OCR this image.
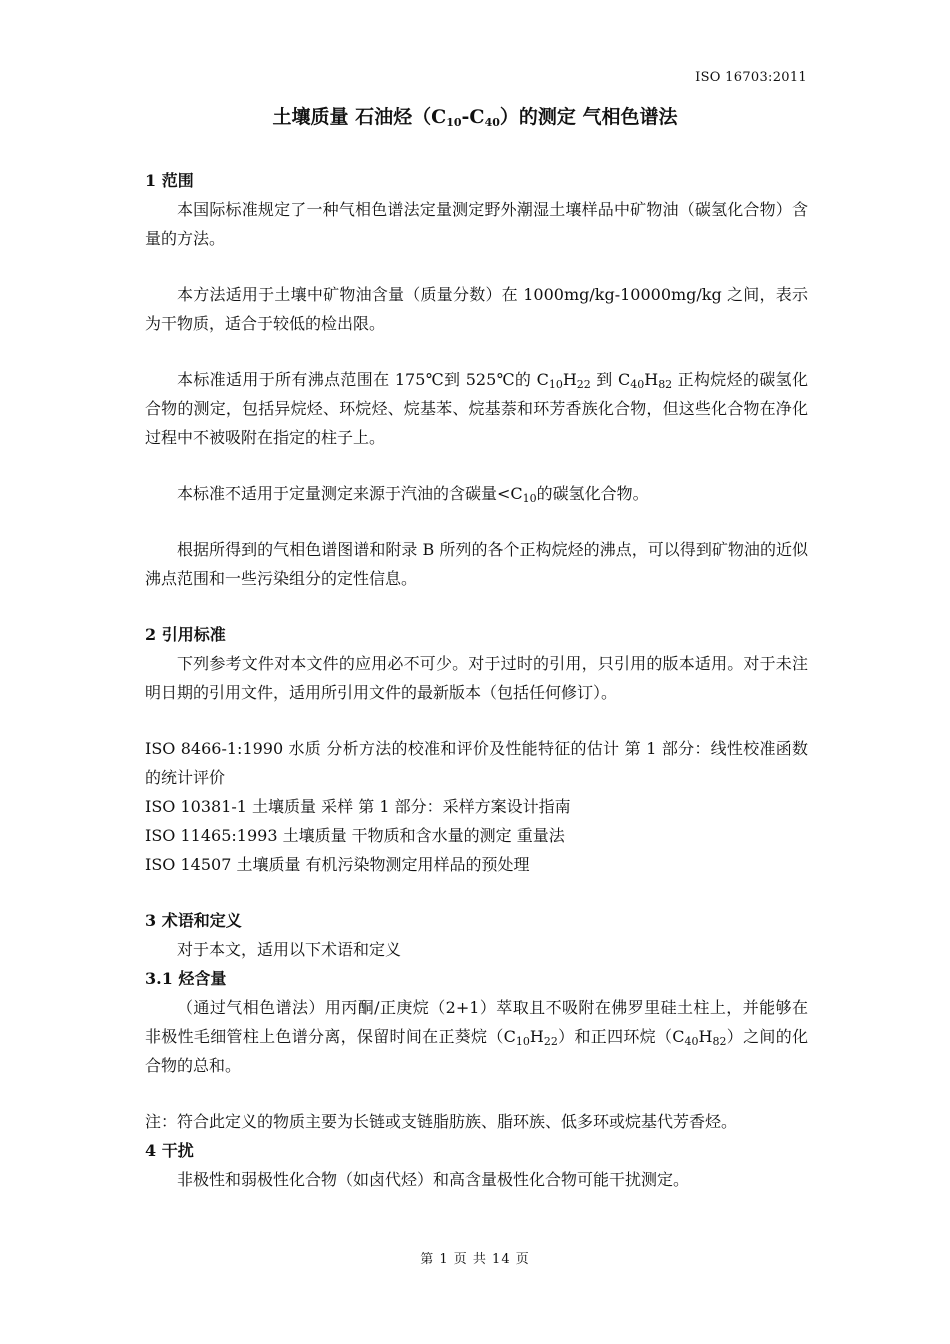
ISO 16703:2011
土壤质量 石油烃$(C_{10}-C_{40})$的测定 气相色谱法
1 范围
本国际标准规定了一种气相色谱法定量测定野外潮湿土壤样品中矿物油（碳氢化合物）含量的方法。
本方法适用于土壤中矿物油含量（质量分数）在 1000mg/kg-10000mg/kg 之间，表示为干物质，适合于较低的检出限。
本标准适用于所有沸点范围在 175℃到 525℃的 $C_{10}H_{22}$ 到 $C_{40}H_{82}$ 正构烷烃的碳氢化合物的测定，包括异烷烃、环烷烃、烷基苯、烷基萘和环芳香族化合物，但这些化合物在净化过程中不被吸附在指定的柱子上。
本标准不适用于定量测定来源于汽油的含碳量$<C_{10}$的碳氢化合物。
根据所得到的气相色谱图谱和附录 B 所列的各个正构烷烃的沸点，可以得到矿物油的近似沸点范围和一些污染组分的定性信息。
2 引用标准
下列参考文件对本文件的应用必不可少。对于过时的引用，只引用的版本适用。对于未注明日期的引用文件，适用所引用文件的最新版本（包括任何修订）。
ISO 8466-1:1990 水质 分析方法的校准和评价及性能特征的估计 第 1 部分：线性校准函数的统计评价
ISO 10381-1 土壤质量 采样 第 1 部分：采样方案设计指南
ISO 11465:1993 土壤质量 干物质和含水量的测定 重量法
ISO 14507 土壤质量 有机污染物测定用样品的预处理
3 术语和定义
对于本文，适用以下术语和定义
3.1 烃含量
（通过气相色谱法）用丙酮/正庚烷（2+1）萃取且不吸附在佛罗里硅土柱上，并能够在非极性毛细管柱上色谱分离，保留时间在正葵烷$(C_{10}H_{22})$和正四环烷$(C_{40}H_{82})$之间的化合物的总和。
注：符合此定义的物质主要为长链或支链脂肪族、脂环族、低多环或烷基代芳香烃。
4 干扰
非极性和弱极性化合物（如卤代烃）和高含量极性化合物可能干扰测定。
第 1 页 共 14 页
